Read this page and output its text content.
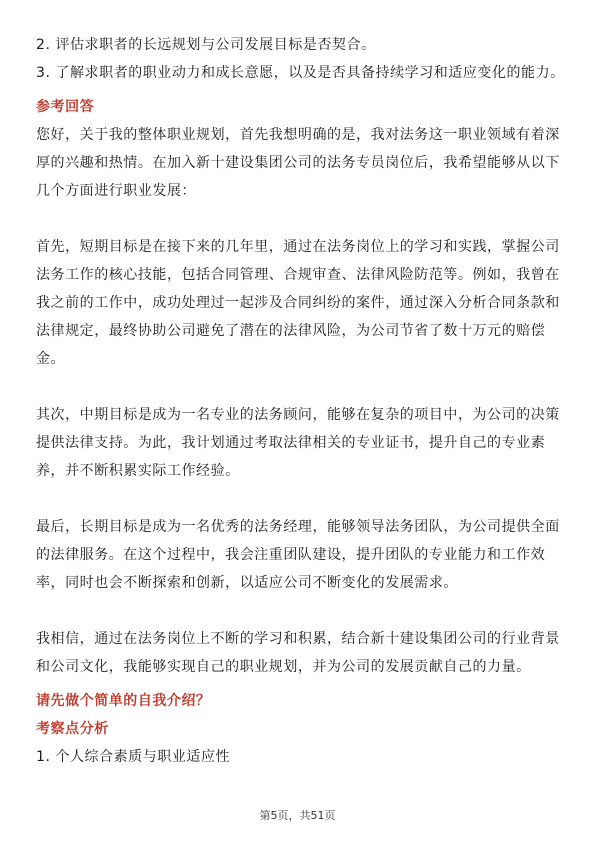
2. 评估求职者的长远规划与公司发展目标是否契合。
3. 了解求职者的职业动力和成长意愿，以及是否具备持续学习和适应变化的能力。
参考回答
您好，关于我的整体职业规划，首先我想明确的是，我对法务这一职业领域有着深
厚的兴趣和热情。在加入新十建设集团公司的法务专员岗位后，我希望能够从以下
几个方面进行职业发展：
首先，短期目标是在接下来的几年里，通过在法务岗位上的学习和实践，掌握公司
法务工作的核心技能，包括合同管理、合规审查、法律风险防范等。例如，我曾在
我之前的工作中，成功处理过一起涉及合同纠纷的案件，通过深入分析合同条款和
法律规定，最终协助公司避免了潜在的法律风险，为公司节省了数十万元的赔偿
金。
其次，中期目标是成为一名专业的法务顾问，能够在复杂的项目中，为公司的决策
提供法律支持。为此，我计划通过考取法律相关的专业证书，提升自己的专业素
养，并不断积累实际工作经验。
最后，长期目标是成为一名优秀的法务经理，能够领导法务团队，为公司提供全面
的法律服务。在这个过程中，我会注重团队建设，提升团队的专业能力和工作效
率，同时也会不断探索和创新，以适应公司不断变化的发展需求。
我相信，通过在法务岗位上不断的学习和积累，结合新十建设集团公司的行业背景
和公司文化，我能够实现自己的职业规划，并为公司的发展贡献自己的力量。
请先做个简单的自我介绍？
考察点分析
1. 个人综合素质与职业适应性
第5页，共51页
